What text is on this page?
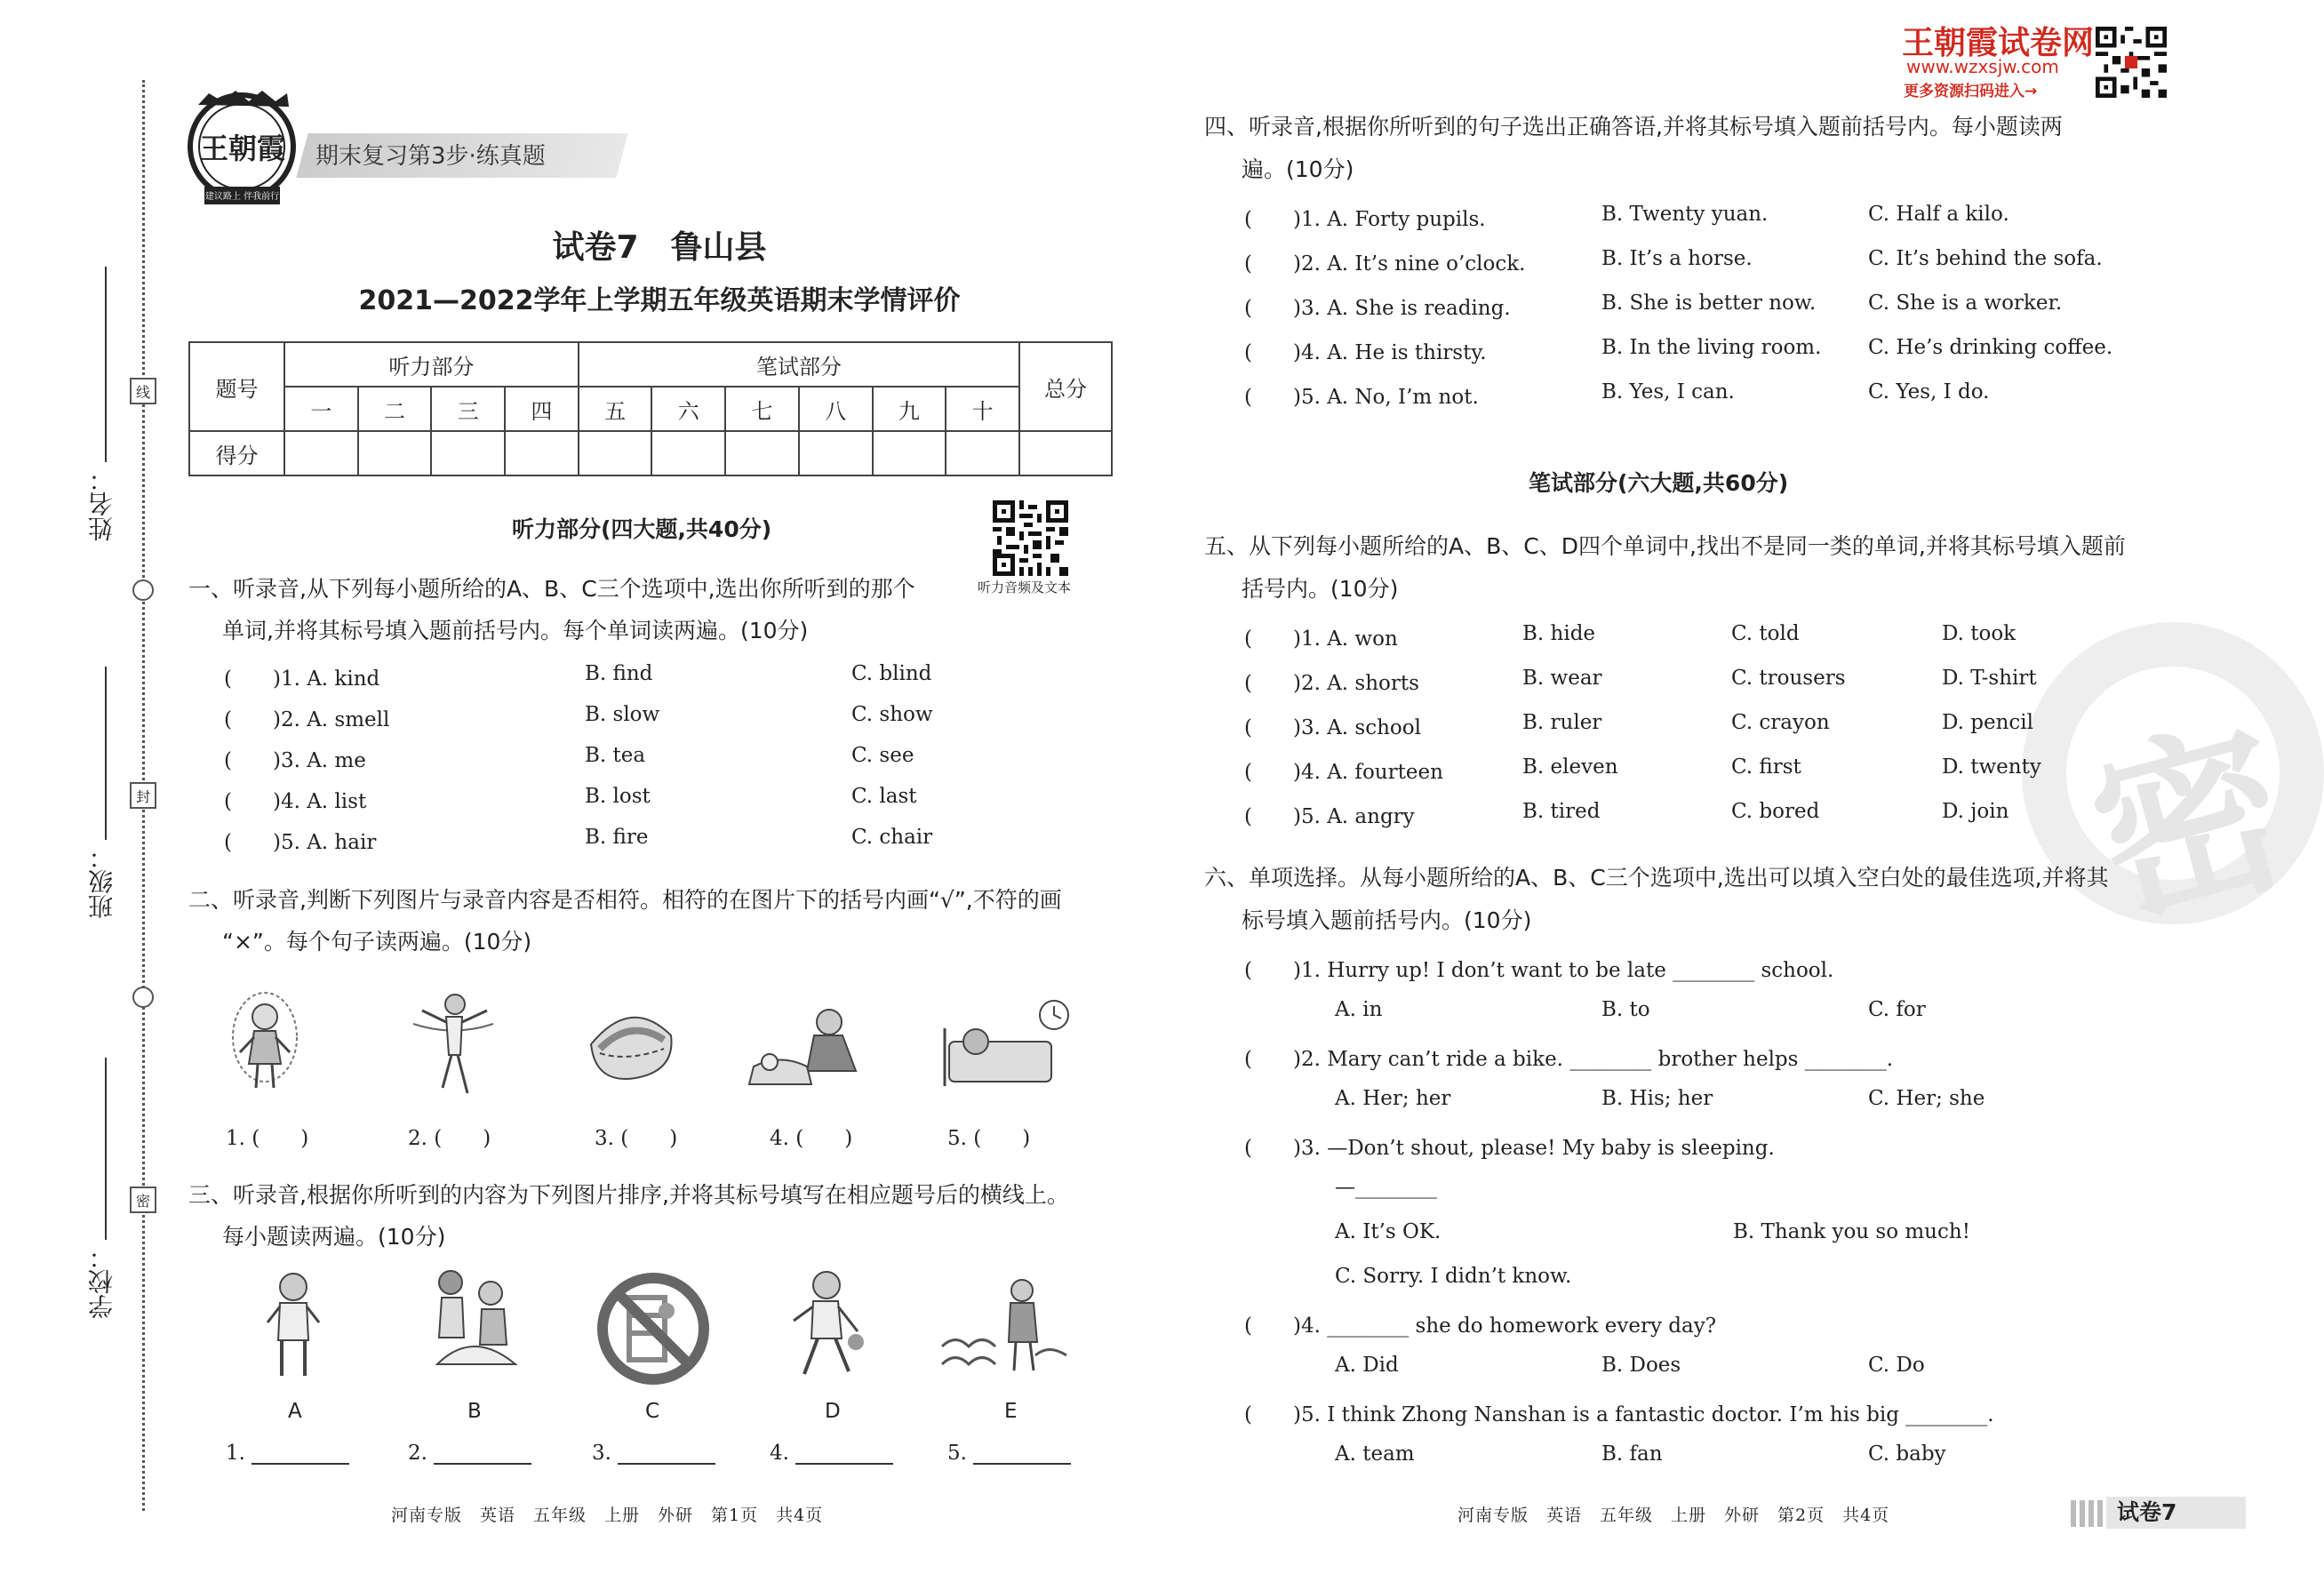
姓名：
班级：
学校：
线
封
密
王朝霞
建议路上 伴我前行
期末复习第3步·练真题
试卷7　鲁山县
2021—2022学年上学期五年级英语期末学情评价
题号	听力部分				笔试部分						总分
	一	二	三	四	五	六	七	八	九	十	
得分											
听力部分(四大题,共40分)
听力音频及文本
一、听录音,从下列每小题所给的A、B、C三个选项中,选出你所听到的那个
单词,并将其标号填入题前括号内。每个单词读两遍。(10分)
(　　)1. A. kind	B. find	C. blind
(　　)2. A. smell	B. slow	C. show
(　　)3. A. me	B. tea	C. see
(　　)4. A. list	B. lost	C. last
(　　)5. A. hair	B. fire	C. chair
二、听录音,判断下列图片与录音内容是否相符。相符的在图片下的括号内画“√”,不符的画
“×”。每个句子读两遍。(10分)
1. (　　)	2. (　　)	3. (　　)	4. (　　)	5. (　　)
三、听录音,根据你所听到的内容为下列图片排序,并将其标号填写在相应题号后的横线上。
每小题读两遍。(10分)
A	B	C	D	E
1.	2.	3.	4.	5.
河南专版　英语　五年级　上册　外研　第1页　共4页
密
王朝霞试卷网
www.wzxsjw.com
更多资源扫码进入→
四、听录音,根据你所听到的句子选出正确答语,并将其标号填入题前括号内。每小题读两
遍。(10分)
(　　)1. A. Forty pupils.	B. Twenty yuan.	C. Half a kilo.
(　　)2. A. It’s nine o’clock.	B. It’s a horse.	C. It’s behind the sofa.
(　　)3. A. She is reading.	B. She is better now.	C. She is a worker.
(　　)4. A. He is thirsty.	B. In the living room. C. He’s drinking coffee.
(　　)5. A. No, I’m not.	B. Yes, I can.	C. Yes, I do.
笔试部分(六大题,共60分)
五、从下列每小题所给的A、B、C、D四个单词中,找出不是同一类的单词,并将其标号填入题前
括号内。(10分)
(　　)1. A. won	B. hide	C. told	D. took
(　　)2. A. shorts	B. wear	C. trousers	D. T-shirt
(　　)3. A. school	B. ruler	C. crayon	D. pencil
(　　)4. A. fourteen	B. eleven	C. first	D. twenty
(　　)5. A. angry	B. tired	C. bored	D. join
六、单项选择。从每小题所给的A、B、C三个选项中,选出可以填入空白处的最佳选项,并将其
标号填入题前括号内。(10分)
(　　)1. Hurry up! I don’t want to be late ________ school.
A. in	B. to	C. for
(　　)2. Mary can’t ride a bike. ________ brother helps ________.
A. Her; her	B. His; her	C. Her; she
(　　)3. —Don’t shout, please! My baby is sleeping.
—________
A. It’s OK.	B. Thank you so much!
C. Sorry. I didn’t know.
(　　)4. ________ she do homework every day?
A. Did	B. Does	C. Do
(　　)5. I think Zhong Nanshan is a fantastic doctor. I’m his big ________.
A. team	B. fan	C. baby
河南专版　英语　五年级　上册　外研　第2页　共4页	试卷7
